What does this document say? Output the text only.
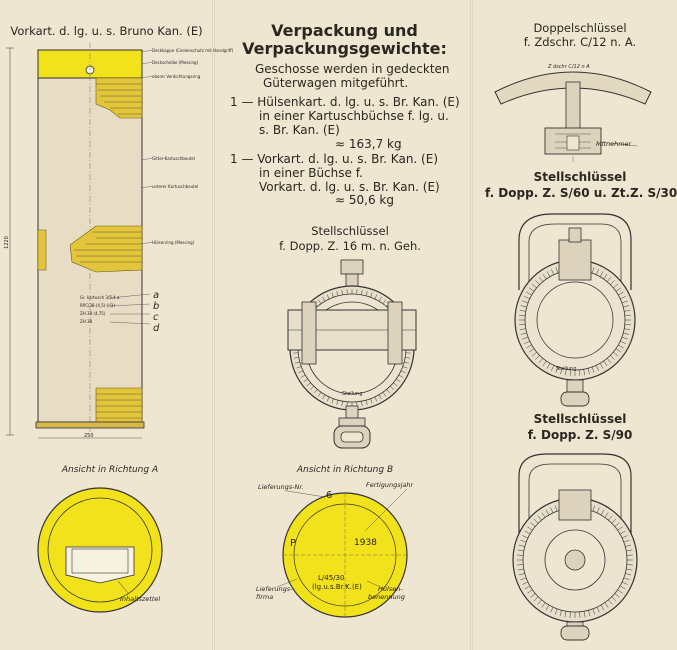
Vorkart. d. lg. u. s. Bruno Kan. (E)
Deckkappe (Ceolenschutz mit Handgriff)
Deckscheibe (Messing)
oberer Verdichtungsring
Gitter-Kartuschbeutel
unterer Kartuschbeutel
Hülsenring (Messing)
Gr. kartusch 3/5,4 a
RPC/38-(4,5)-(l/3)
ZH 38 (4,75)
ZH 38
a
b
c
d
1220
250
Ansicht in Richtung A
Inhaltszettel
Verpackung und
Verpackungsgewichte:
Geschosse werden in gedeckten
Güterwagen mitgeführt.
1 — Hülsenkart. d. lg. u. s. Br. Kan. (E)
in einer Kartuschbüchse f. lg. u.
s. Br. Kan. (E)
≈ 163,7 kg
1 — Vorkart. d. lg. u. s. Br. Kan. (E)
in einer Büchse f.
Vorkart. d. lg. u. s. Br. Kan. (E)
≈ 50,6 kg
Stellschlüssel
f. Dopp. Z. 16 m. n. Geh.
Stellung
Ansicht in Richtung B
Lieferungs-Nr.	Fertigungsjahr
6
P	1938
Lieferungs-
firma
L/45/30
(lg.u.s.Br.K.(E) Hülsen-
benennung
Doppelschlüssel
f. Zdschr. C/12 n. A.
Z dschr C/12 n A
Mitnehmer
Stellschlüssel
f. Dopp. Z. S/60 u. Zt.Z. S/30
Stellung
Stellschlüssel
f. Dopp. Z. S/90
